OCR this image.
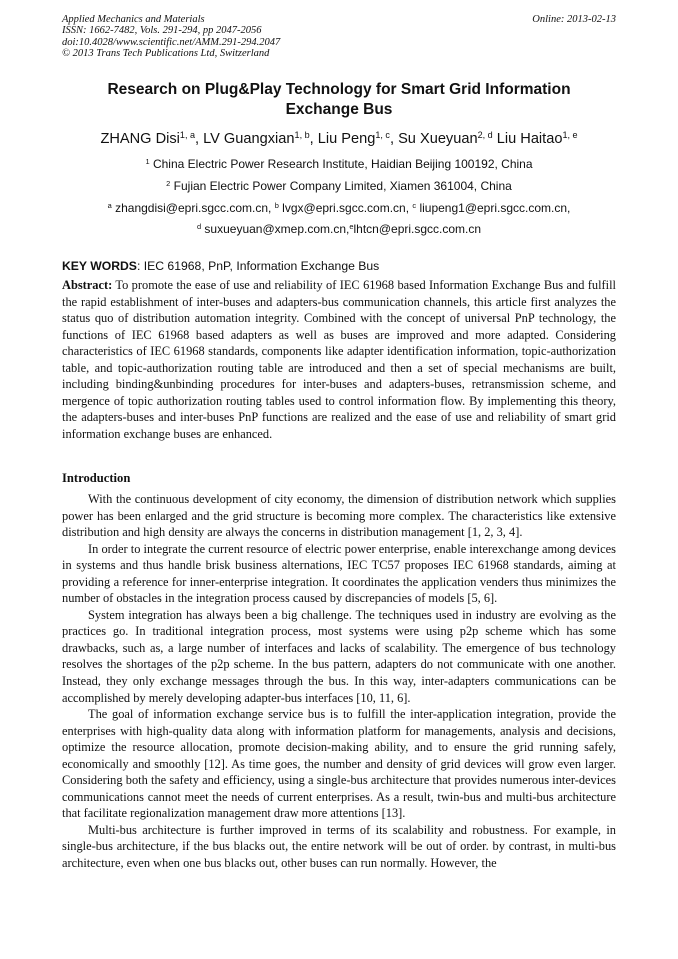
Applied Mechanics and Materials
ISSN: 1662-7482, Vols. 291-294, pp 2047-2056
doi:10.4028/www.scientific.net/AMM.291-294.2047
© 2013 Trans Tech Publications Ltd, Switzerland
Online: 2013-02-13
Research on Plug&Play Technology for Smart Grid Information
Exchange Bus
ZHANG Disi$^{1, a}$, LV Guangxian$^{1, b}$, Liu Peng$^{1, c}$, Su Xueyuan$^{2, d}$ Liu Haitao$^{1, e}$
$^1$ China Electric Power Research Institute, Haidian Beijing 100192, China
$^2$ Fujian Electric Power Company Limited, Xiamen 361004, China
$^a$ zhangdisi@epri.sgcc.com.cn, $^b$ lvgx@epri.sgcc.com.cn, $^c$ liupeng1@epri.sgcc.com.cn,
$^d$ suxueyuan@xmep.com.cn,$^e$lhtcn@epri.sgcc.com.cn
KEY WORDS: IEC 61968, PnP, Information Exchange Bus

Abstract: To promote the ease of use and reliability of IEC 61968 based Information Exchange Bus and fulfill the rapid establishment of inter-buses and adapters-bus communication channels, this article first analyzes the status quo of distribution automation integrity. Combined with the concept of universal PnP technology, the functions of IEC 61968 based adapters as well as buses are improved and more adapted. Considering characteristics of IEC 61968 standards, components like adapter identification information, topic-authorization table, and topic-authorization routing table are introduced and then a set of special mechanisms are built, including binding&unbinding procedures for inter-buses and adapters-buses, retransmission scheme, and mergence of topic authorization routing tables used to control information flow. By implementing this theory, the adapters-buses and inter-buses PnP functions are realized and the ease of use and reliability of smart grid information exchange buses are enhanced.

Introduction

With the continuous development of city economy, the dimension of distribution network which supplies power has been enlarged and the grid structure is becoming more complex. The characteristics like extensive distribution and high density are always the concerns in distribution management [1, 2, 3, 4].

In order to integrate the current resource of electric power enterprise, enable interexchange among devices in systems and thus handle brisk business alternations, IEC TC57 proposes IEC 61968 standards, aiming at providing a reference for inner-enterprise integration. It coordinates the application venders thus minimizes the number of obstacles in the integration process caused by discrepancies of models [5, 6].

System integration has always been a big challenge. The techniques used in industry are evolving as the practices go. In traditional integration process, most systems were using p2p scheme which has some drawbacks, such as, a large number of interfaces and lacks of scalability. The emergence of bus technology resolves the shortages of the p2p scheme. In the bus pattern, adapters do not communicate with one another. Instead, they only exchange messages through the bus. In this way, inter-adapters communications can be accomplished by merely developing adapter-bus interfaces [10, 11, 6].

The goal of information exchange service bus is to fulfill the inter-application integration, provide the enterprises with high-quality data along with information platform for managements, analysis and decisions, optimize the resource allocation, promote decision-making ability, and to ensure the grid running safely, economically and smoothly [12]. As time goes, the number and density of grid devices will grow even larger. Considering both the safety and efficiency, using a single-bus architecture that provides numerous inter-devices communications cannot meet the needs of current enterprises. As a result, twin-bus and multi-bus architecture that facilitate regionalization management draw more attentions [13].

Multi-bus architecture is further improved in terms of its scalability and robustness. For example, in single-bus architecture, if the bus blacks out, the entire network will be out of order. by contrast, in multi-bus architecture, even when one bus blacks out, other buses can run normally. However, the
